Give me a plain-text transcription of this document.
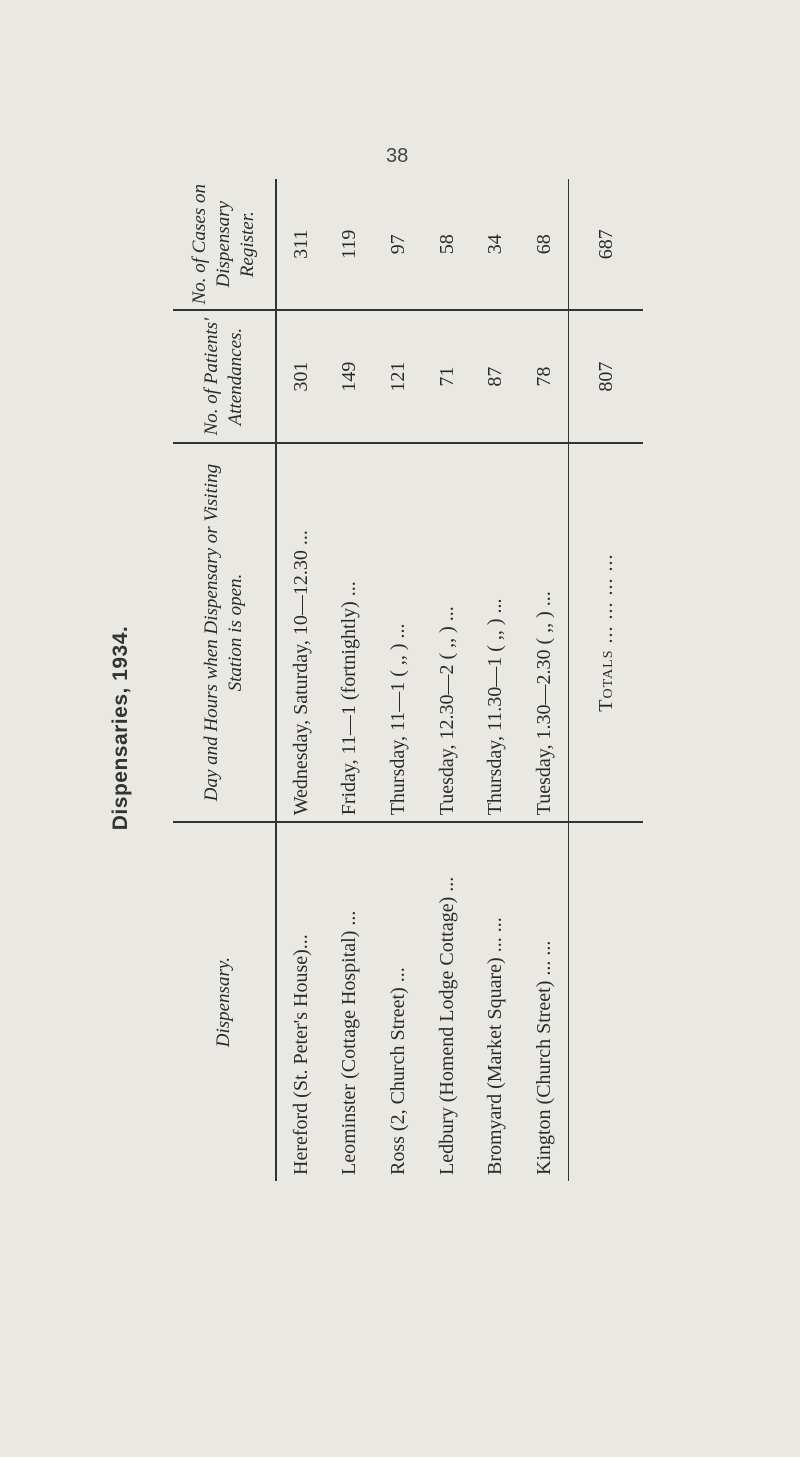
Dispensaries, 1934.
38
Dispensary.	Day and Hours when Dispensary or Visiting Station is open.	No. of Patients' Attendances.	No. of Cases on Dispensary Register.
Hereford (St. Peter's House)...	Wednesday, Saturday, 10—12.30 ...	301	311
Leominster (Cottage Hospital) ...	Friday, 11—1 (fortnightly) ...	149	119
Ross (2, Church Street) ...	Thursday, 11—1 ( ,, ) ...	121	97
Ledbury (Homend Lodge Cottage) ...	Tuesday, 12.30—2 ( ,, ) ...	71	58
Bromyard (Market Square) ... ...	Thursday, 11.30—1 ( ,, ) ...	87	34
Kington (Church Street) ... ...	Tuesday, 1.30—2.30 ( ,, ) ...	78	68
	Totals ... ... ... ...	807	687
